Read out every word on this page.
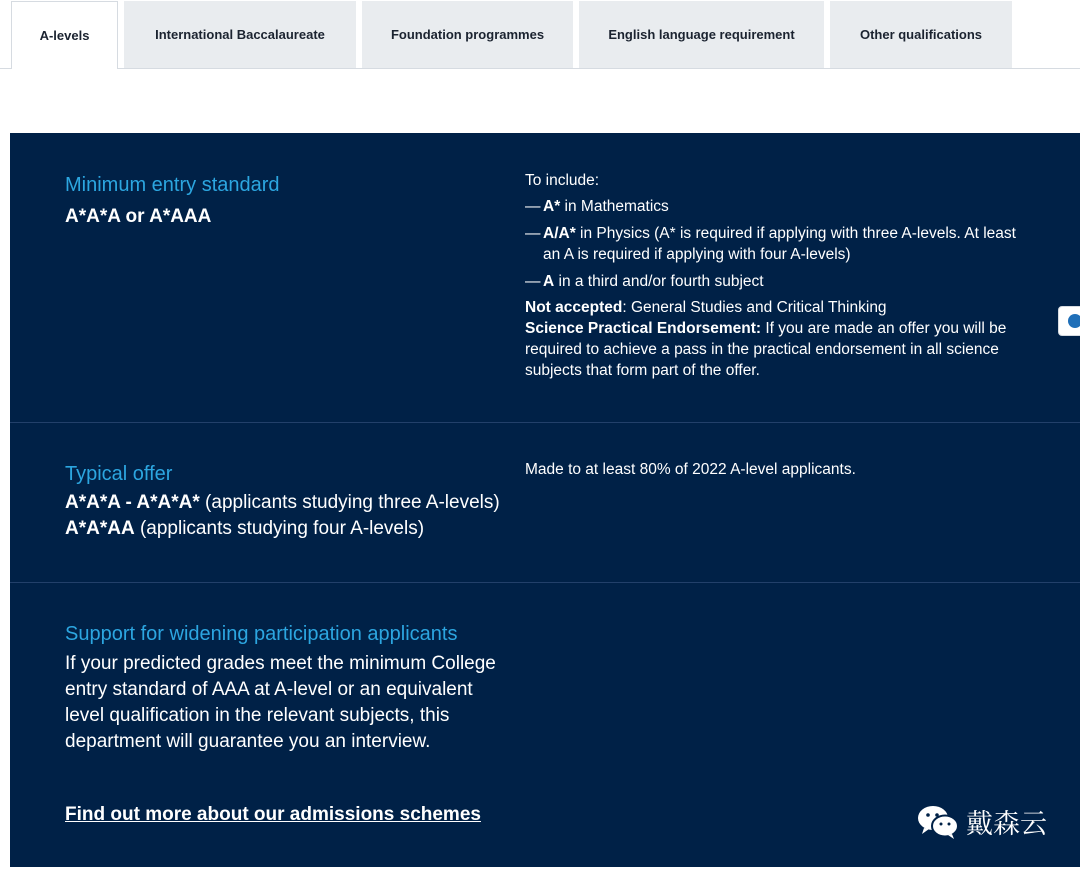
A-levels	International Baccalaureate	Foundation programmes	English language requirement	Other qualifications
Minimum entry standard
A*A*A or A*AAA
To include:
— A* in Mathematics
— A/A* in Physics (A* is required if applying with three A-levels. At least an A is required if applying with four A-levels)
— A in a third and/or fourth subject
Not accepted: General Studies and Critical Thinking
Science Practical Endorsement: If you are made an offer you will be required to achieve a pass in the practical endorsement in all science subjects that form part of the offer.
Typical offer
A*A*A - A*A*A* (applicants studying three A-levels)
A*A*AA (applicants studying four A-levels)
Made to at least 80% of 2022 A-level applicants.
Support for widening participation applicants
If your predicted grades meet the minimum College entry standard of AAA at A-level or an equivalent level qualification in the relevant subjects, this department will guarantee you an interview.
Find out more about our admissions schemes	戴森云
